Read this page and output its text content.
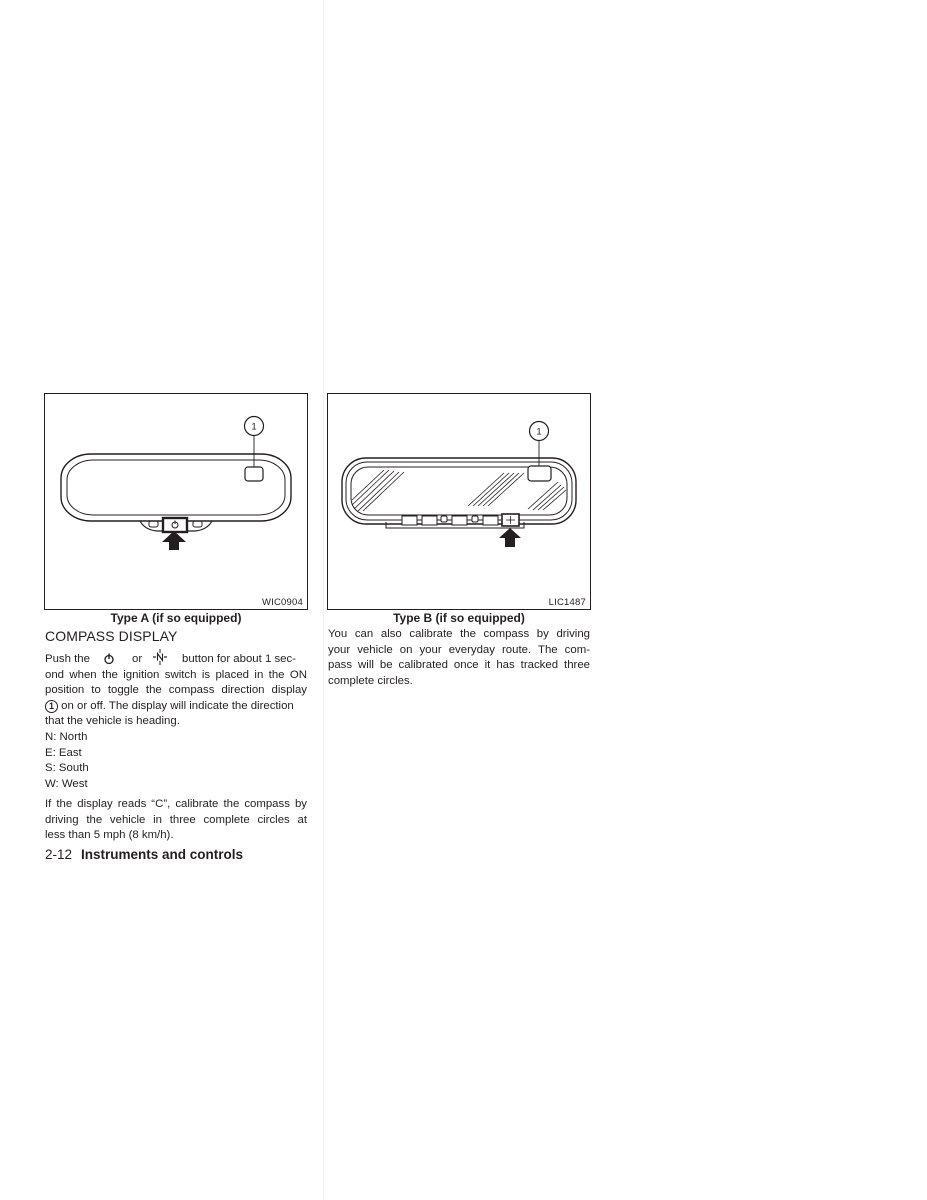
1
WIC0904
Type A (if so equipped)
1
LIC1487
Type B (if so equipped)
COMPASS DISPLAY
Push the	or	button for about 1 sec-
ond when the ignition switch is placed in the ON
position to toggle the compass direction display
1 on or off. The display will indicate the direction
that the vehicle is heading.
N: North
E: East
S: South
W: West
If the display reads “C”, calibrate the compass by
driving the vehicle in three complete circles at
less than 5 mph (8 km/h).
2-12 Instruments and controls
You can also calibrate the compass by driving
your vehicle on your everyday route. The com-
pass will be calibrated once it has tracked three
complete circles.
